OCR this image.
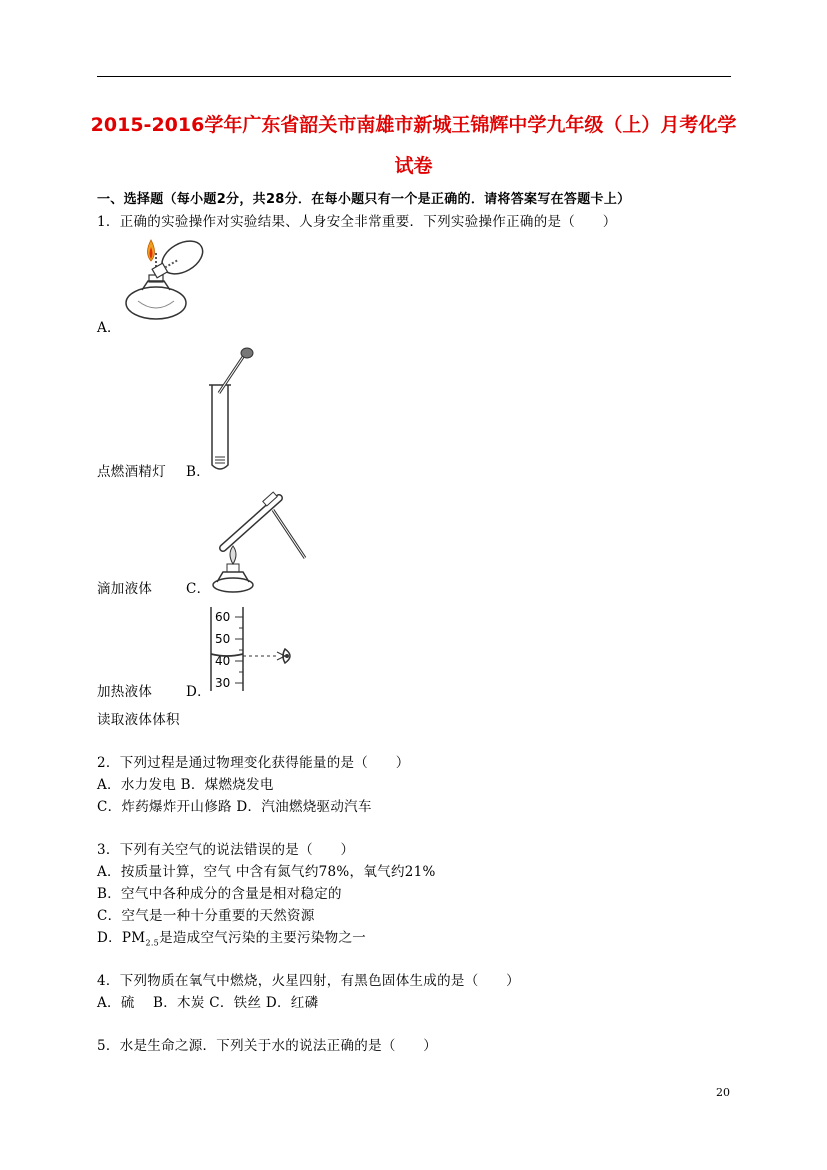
2015-2016学年广东省韶关市南雄市新城王锦辉中学九年级（上）月考化学
试卷
一、选择题（每小题2分，共28分．在每小题只有一个是正确的．请将答案写在答题卡上）
1．正确的实验操作对实验结果、人身安全非常重要．下列实验操作正确的是（　　）
A．
点燃酒精灯 B．
滴加液体	C．
60
50
40
30
加热液体	D．
读取液体体积
2．下列过程是通过物理变化获得能量的是（　　）
A．水力发电 B．煤燃烧发电
C．炸药爆炸开山修路 D．汽油燃烧驱动汽车
3．下列有关空气的说法错误的是（　　）
A．按质量计算，空气 中含有氮气约78%，氧气约21%
B．空气中各种成分的含量是相对稳定的
C．空气是一种十分重要的天然资源
D．$PM_{2.5}$是造成空气污染的主要污染物之一
4．下列物质在氧气中燃烧，火星四射，有黑色固体生成的是（　　）
A．硫　 B．木炭 C．铁丝 D．红磷
5．水是生命之源．下列关于水的说法正确的是（　　）
20
